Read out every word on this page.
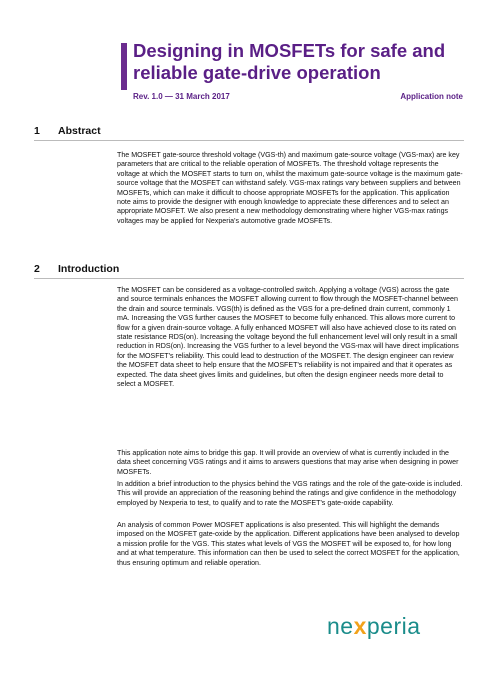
Designing in MOSFETs for safe and reliable gate-drive operation
Rev. 1.0 — 31 March 2017	Application note
1 Abstract

The MOSFET gate-source threshold voltage (VGS-th) and maximum gate-source voltage (VGS-max) are key parameters that are critical to the reliable operation of MOSFETs. The threshold voltage represents the voltage at which the MOSFET starts to turn on, whilst the maximum gate-source voltage is the maximum gate-source voltage that the MOSFET can withstand safely. VGS-max ratings vary between suppliers and between MOSFETs, which can make it difficult to choose appropriate MOSFETs for the application. This application note aims to provide the designer with enough knowledge to appreciate these differences and to select an appropriate MOSFET. We also present a new methodology demonstrating where higher VGS-max ratings voltages may be applied for Nexperia's automotive grade MOSFETs.

2 Introduction

The MOSFET can be considered as a voltage-controlled switch. Applying a voltage (VGS) across the gate and source terminals enhances the MOSFET allowing current to flow through the MOSFET-channel between the drain and source terminals. VGS(th) is defined as the VGS for a pre-defined drain current, commonly 1 mA. Increasing the VGS further causes the MOSFET to become fully enhanced. This allows more current to flow for a given drain-source voltage. A fully enhanced MOSFET will also have achieved close to its rated on state resistance RDS(on). Increasing the voltage beyond the full enhancement level will only result in a small reduction in RDS(on). Increasing the VGS further to a level beyond the VGS-max will have direct implications for the MOSFET's reliability. This could lead to destruction of the MOSFET. The design engineer can review the MOSFET data sheet to help ensure that the MOSFET's reliability is not impaired and that it operates as expected. The data sheet gives limits and guidelines, but often the design engineer needs more detail to select a MOSFET.

This application note aims to bridge this gap. It will provide an overview of what is currently included in the data sheet concerning VGS ratings and it aims to answers questions that may arise when designing in power MOSFETs.

In addition a brief introduction to the physics behind the VGS ratings and the role of the gate-oxide is included. This will provide an appreciation of the reasoning behind the ratings and give confidence in the methodology employed by Nexperia to test, to qualify and to rate the MOSFET's gate-oxide capability.

An analysis of common Power MOSFET applications is also presented. This will highlight the demands imposed on the MOSFET gate-oxide by the application. Different applications have been analysed to develop a mission profile for the VGS. This states what levels of VGS the MOSFET will be exposed to, for how long and at what temperature. This information can then be used to select the correct MOSFET for the application, thus ensuring optimum and reliable operation.

nexperia
